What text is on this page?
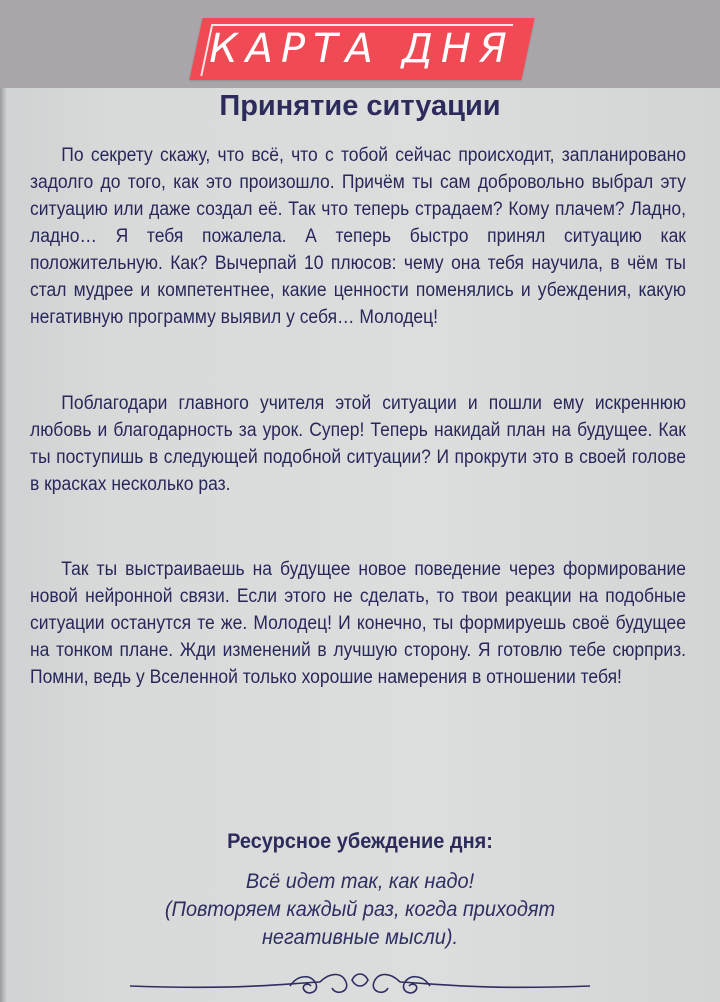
КАРТА ДНЯ
Принятие ситуации
По секрету скажу, что всё, что с тобой сейчас происходит, запланировано задолго до того, как это произошло. Причём ты сам добровольно выбрал эту ситуацию или даже создал её. Так что теперь страдаем? Кому плачем? Ладно, ладно… Я тебя пожалела. А теперь быстро принял ситуацию как положительную. Как? Вычерпай 10 плюсов: чему она тебя научила, в чём ты стал мудрее и компетентнее, какие ценности поменялись и убеждения, какую негативную программу выявил у себя… Молодец!
Поблагодари главного учителя этой ситуации и пошли ему искреннюю любовь и благодарность за урок. Супер! Теперь накидай план на будущее. Как ты поступишь в следующей подобной ситуации? И прокрути это в своей голове в красках несколько раз.
Так ты выстраиваешь на будущее новое поведение через формирование новой нейронной связи. Если этого не сделать, то твои реакции на подобные ситуации останутся те же. Молодец! И конечно, ты формируешь своё будущее на тонком плане. Жди изменений в лучшую сторону. Я готовлю тебе сюрприз. Помни, ведь у Вселенной только хорошие намерения в отношении тебя!
Ресурсное убеждение дня:
Всё идет так, как надо!
(Повторяем каждый раз, когда приходят
негативные мысли).
